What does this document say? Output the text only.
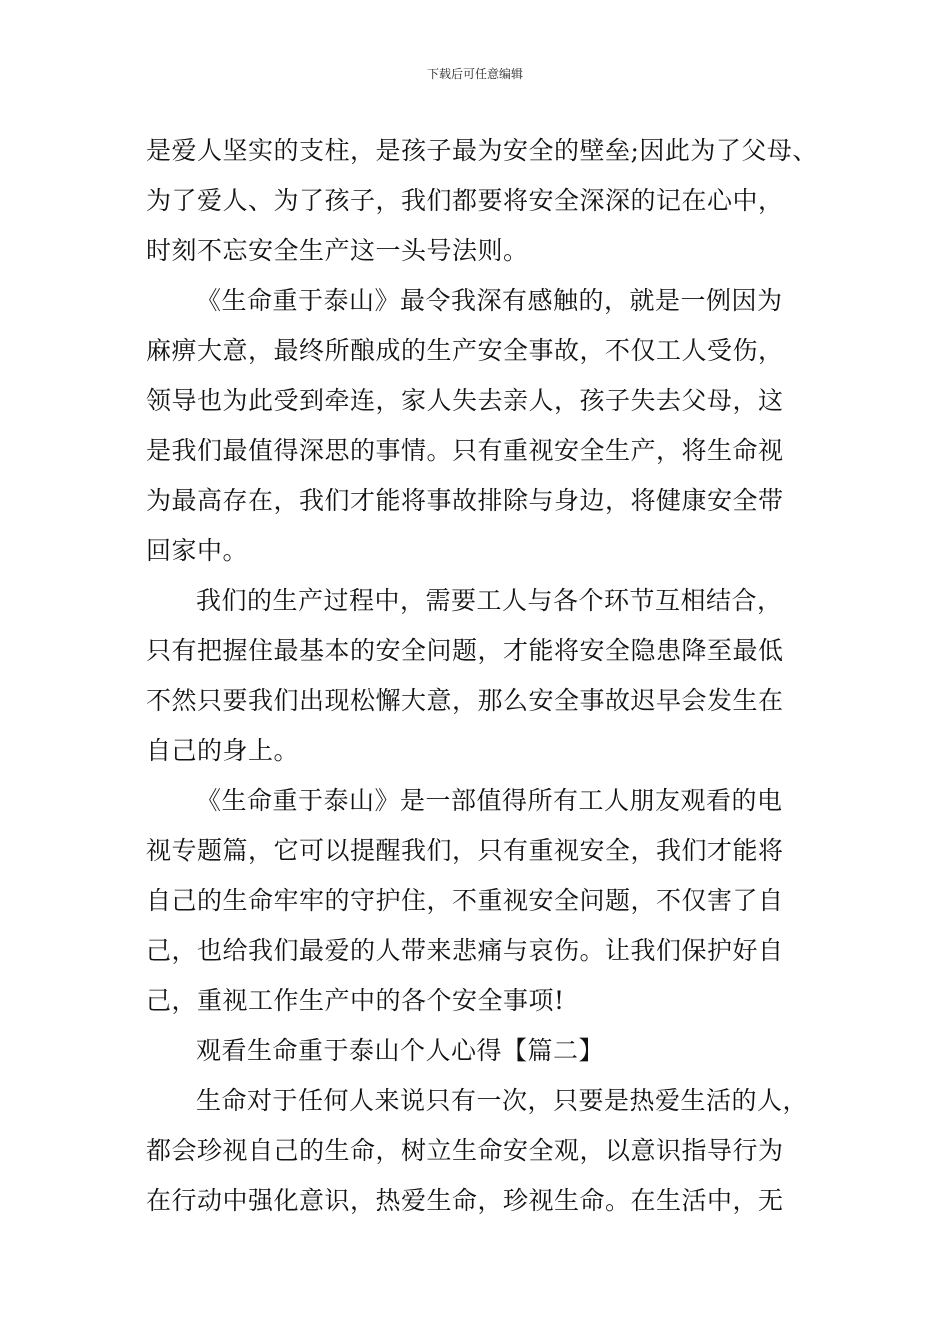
下载后可任意编辑
是爱人坚实的支柱，是孩子最为安全的壁垒;因此为了父母、
为了爱人、为了孩子，我们都要将安全深深的记在心中，
时刻不忘安全生产这一头号法则。
《生命重于泰山》最令我深有感触的，就是一例因为
麻痹大意，最终所酿成的生产安全事故，不仅工人受伤，
领导也为此受到牵连，家人失去亲人，孩子失去父母，这
是我们最值得深思的事情。只有重视安全生产，将生命视
为最高存在，我们才能将事故排除与身边，将健康安全带
回家中。
我们的生产过程中，需要工人与各个环节互相结合，
只有把握住最基本的安全问题，才能将安全隐患降至最低
不然只要我们出现松懈大意，那么安全事故迟早会发生在
自己的身上。
《生命重于泰山》是一部值得所有工人朋友观看的电
视专题篇，它可以提醒我们，只有重视安全，我们才能将
自己的生命牢牢的守护住，不重视安全问题，不仅害了自
己，也给我们最爱的人带来悲痛与哀伤。让我们保护好自
己，重视工作生产中的各个安全事项!
观看生命重于泰山个人心得【篇二】
生命对于任何人来说只有一次，只要是热爱生活的人，
都会珍视自己的生命，树立生命安全观，以意识指导行为
在行动中强化意识，热爱生命，珍视生命。在生活中，无
